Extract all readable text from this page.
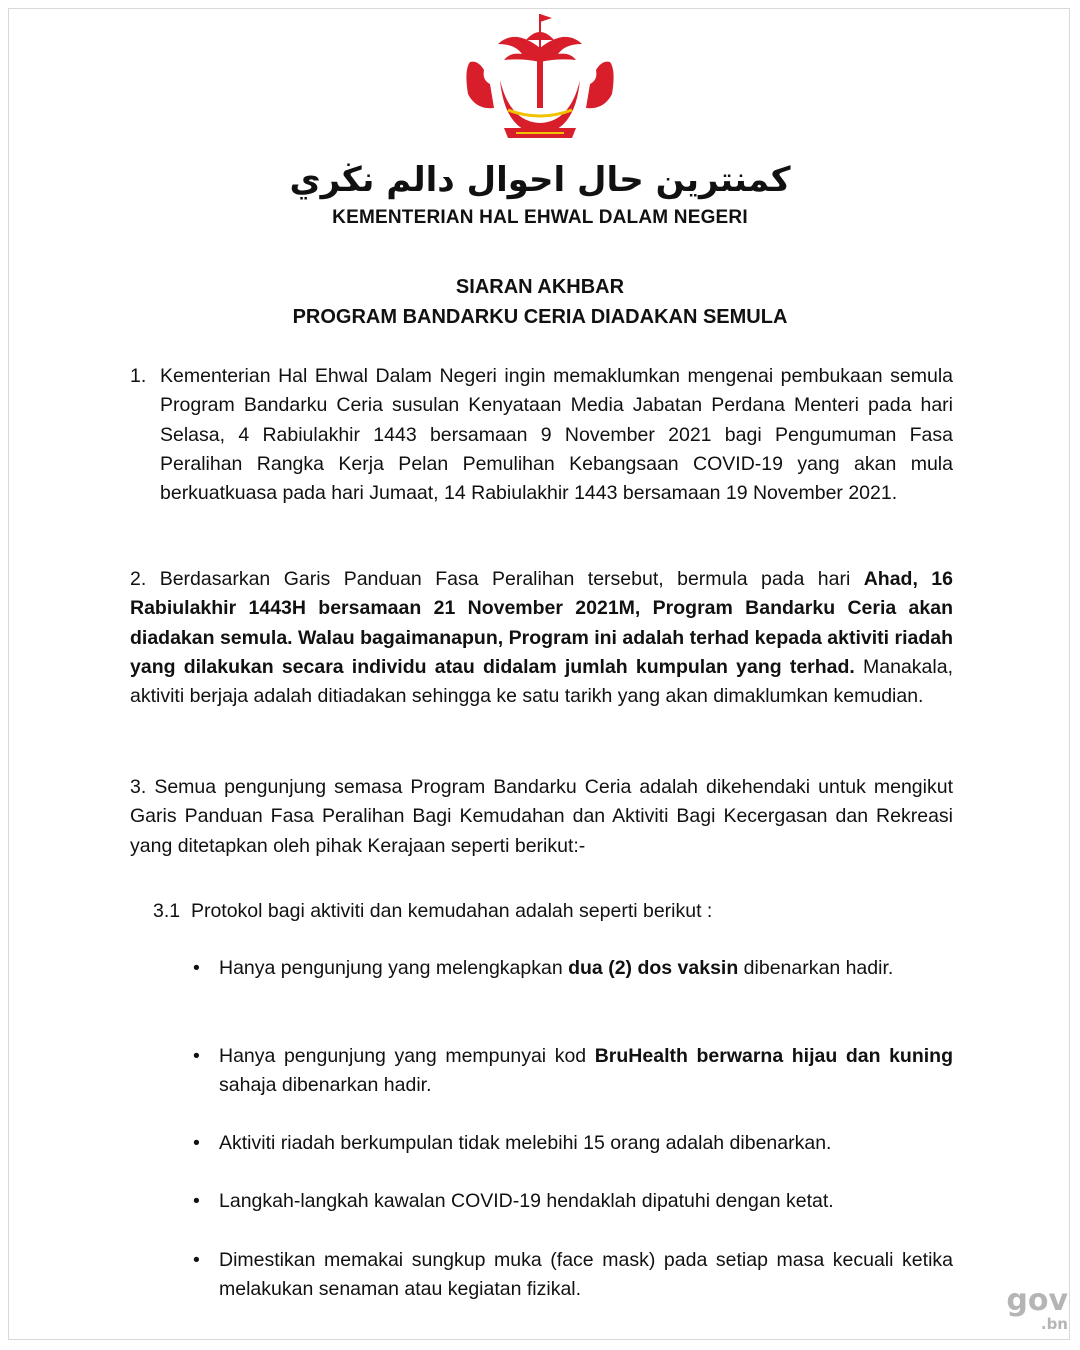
كمنترين حال احوال دالم نڬري
KEMENTERIAN HAL EHWAL DALAM NEGERI
SIARAN AKHBAR
PROGRAM BANDARKU CERIA DIADAKAN SEMULA
1. Kementerian Hal Ehwal Dalam Negeri ingin memaklumkan mengenai pembukaan semula Program Bandarku Ceria susulan Kenyataan Media Jabatan Perdana Menteri pada hari Selasa, 4 Rabiulakhir 1443 bersamaan 9 November 2021 bagi Pengumuman Fasa Peralihan Rangka Kerja Pelan Pemulihan Kebangsaan COVID-19 yang akan mula berkuatkuasa pada hari Jumaat, 14 Rabiulakhir 1443 bersamaan 19 November 2021.
2. Berdasarkan Garis Panduan Fasa Peralihan tersebut, bermula pada hari Ahad, 16 Rabiulakhir 1443H bersamaan 21 November 2021M, Program Bandarku Ceria akan diadakan semula. Walau bagaimanapun, Program ini adalah terhad kepada aktiviti riadah yang dilakukan secara individu atau didalam jumlah kumpulan yang terhad. Manakala, aktiviti berjaja adalah ditiadakan sehingga ke satu tarikh yang akan dimaklumkan kemudian.
3. Semua pengunjung semasa Program Bandarku Ceria adalah dikehendaki untuk mengikut Garis Panduan Fasa Peralihan Bagi Kemudahan dan Aktiviti Bagi Kecergasan dan Rekreasi yang ditetapkan oleh pihak Kerajaan seperti berikut:-
3.1 Protokol bagi aktiviti dan kemudahan adalah seperti berikut :
• Hanya pengunjung yang melengkapkan dua (2) dos vaksin dibenarkan hadir.
• Hanya pengunjung yang mempunyai kod BruHealth berwarna hijau dan kuning sahaja dibenarkan hadir.
• Aktiviti riadah berkumpulan tidak melebihi 15 orang adalah dibenarkan.
• Langkah-langkah kawalan COVID-19 hendaklah dipatuhi dengan ketat.
• Dimestikan memakai sungkup muka (face mask) pada setiap masa kecuali ketika melakukan senaman atau kegiatan fizikal.	gov
.bn
